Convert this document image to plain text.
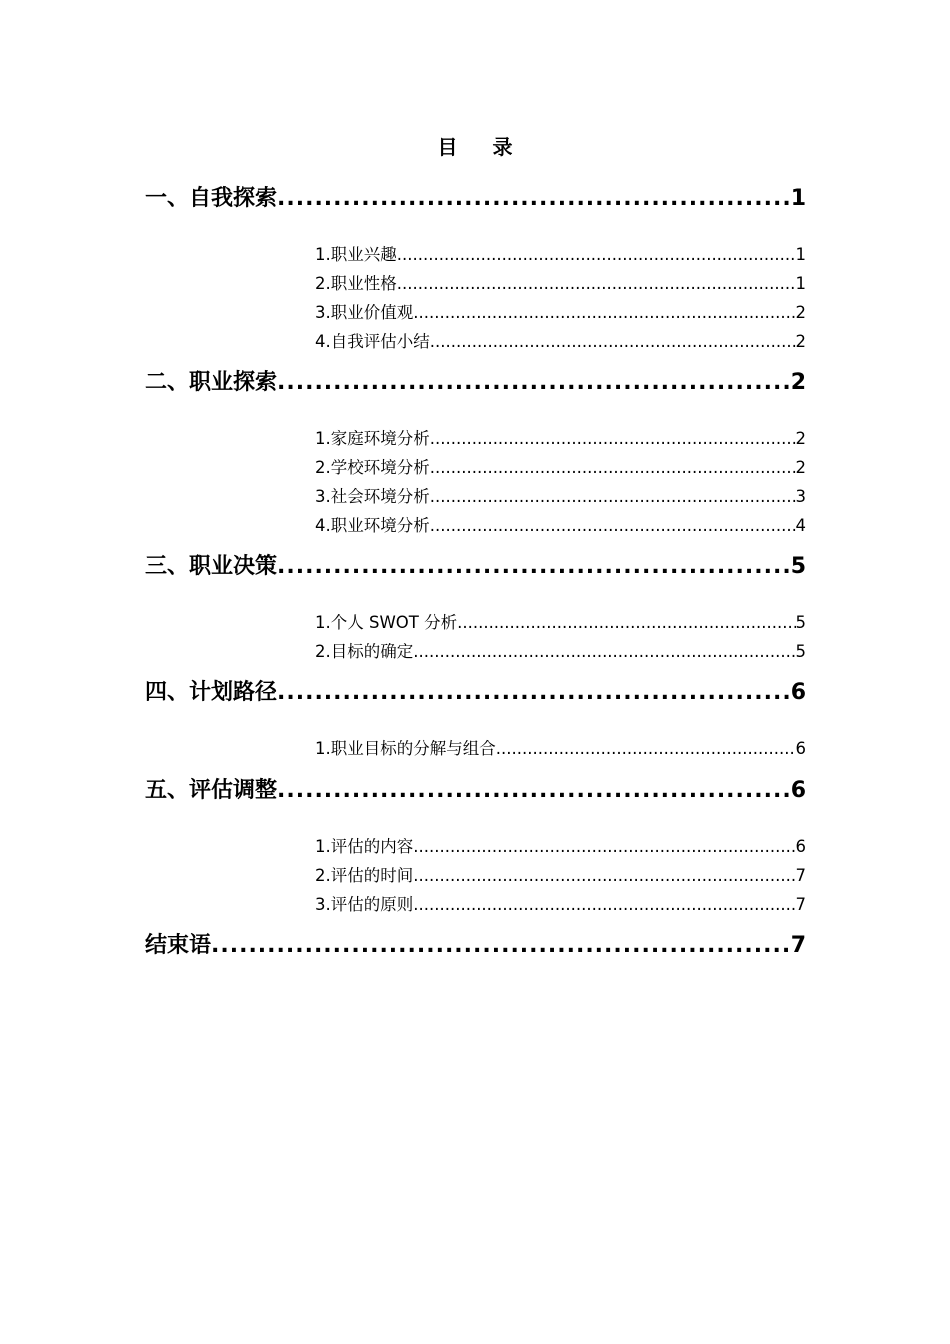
目 录
一、自我探索 .....	1
1.职业兴趣 .....	1
2.职业性格 .....	1
3.职业价值观 .....	2
4.自我评估小结 .....	2
二、职业探索 .....	2
1.家庭环境分析 .....	2
2.学校环境分析 .....	2
3.社会环境分析 .....	3
4.职业环境分析 .....	4
三、职业决策 .....	5
1.个人 SWOT 分析 .....	5
2.目标的确定 .....	5
四、计划路径 .....	6
1.职业目标的分解与组合 .....	6
五、评估调整 .....	6
1.评估的内容 .....	6
2.评估的时间 .....	7
3.评估的原则 .....	7
结束语 .....	7
